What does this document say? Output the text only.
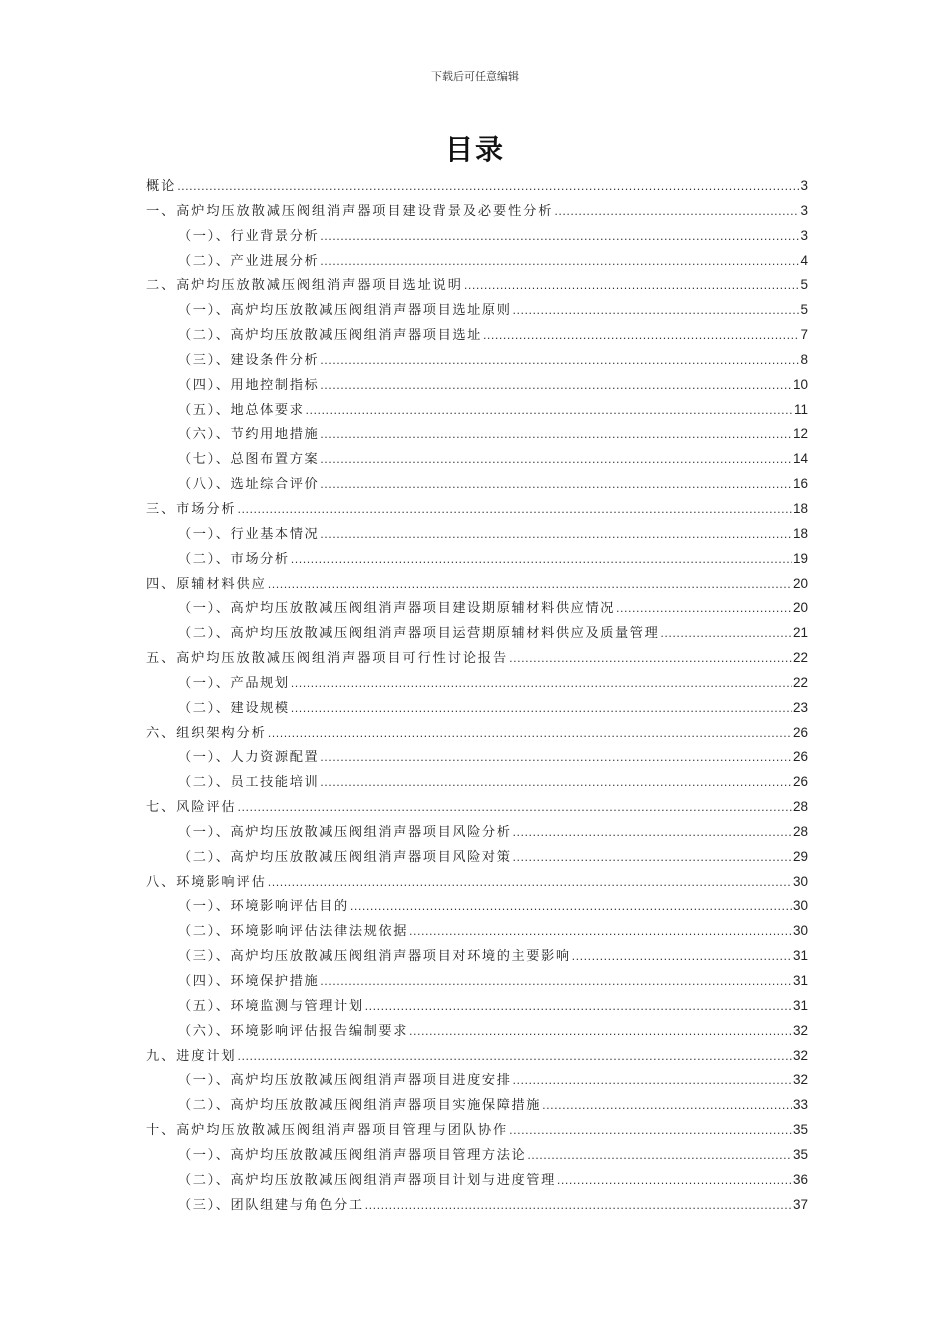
下载后可任意编辑
目录
概论 .....	3
一、高炉均压放散减压阀组消声器项目建设背景及必要性分析 .....	3
（一）、行业背景分析 .....	3
（二）、产业进展分析 .....	4
二、高炉均压放散减压阀组消声器项目选址说明 .....	5
（一）、高炉均压放散减压阀组消声器项目选址原则 .....	5
（二）、高炉均压放散减压阀组消声器项目选址 .....	7
（三）、建设条件分析 .....	8
（四）、用地控制指标 .....	10
（五）、地总体要求 .....	11
（六）、节约用地措施 .....	12
（七）、总图布置方案 .....	14
（八）、选址综合评价 .....	16
三、市场分析 .....	18
（一）、行业基本情况 .....	18
（二）、市场分析 .....	19
四、原辅材料供应 .....	20
（一）、高炉均压放散减压阀组消声器项目建设期原辅材料供应情况 .....	20
（二）、高炉均压放散减压阀组消声器项目运营期原辅材料供应及质量管理 .....	21
五、高炉均压放散减压阀组消声器项目可行性讨论报告 .....	22
（一）、产品规划 .....	22
（二）、建设规模 .....	23
六、组织架构分析 .....	26
（一）、人力资源配置 .....	26
（二）、员工技能培训 .....	26
七、风险评估 .....	28
（一）、高炉均压放散减压阀组消声器项目风险分析 .....	28
（二）、高炉均压放散减压阀组消声器项目风险对策 .....	29
八、环境影响评估 .....	30
（一）、环境影响评估目的 .....	30
（二）、环境影响评估法律法规依据 .....	30
（三）、高炉均压放散减压阀组消声器项目对环境的主要影响 .....	31
（四）、环境保护措施 .....	31
（五）、环境监测与管理计划 .....	31
（六）、环境影响评估报告编制要求 .....	32
九、进度计划 .....	32
（一）、高炉均压放散减压阀组消声器项目进度安排 .....	32
（二）、高炉均压放散减压阀组消声器项目实施保障措施 .....	33
十、高炉均压放散减压阀组消声器项目管理与团队协作 .....	35
（一）、高炉均压放散减压阀组消声器项目管理方法论 .....	35
（二）、高炉均压放散减压阀组消声器项目计划与进度管理 .....	36
（三）、团队组建与角色分工 .....	37
